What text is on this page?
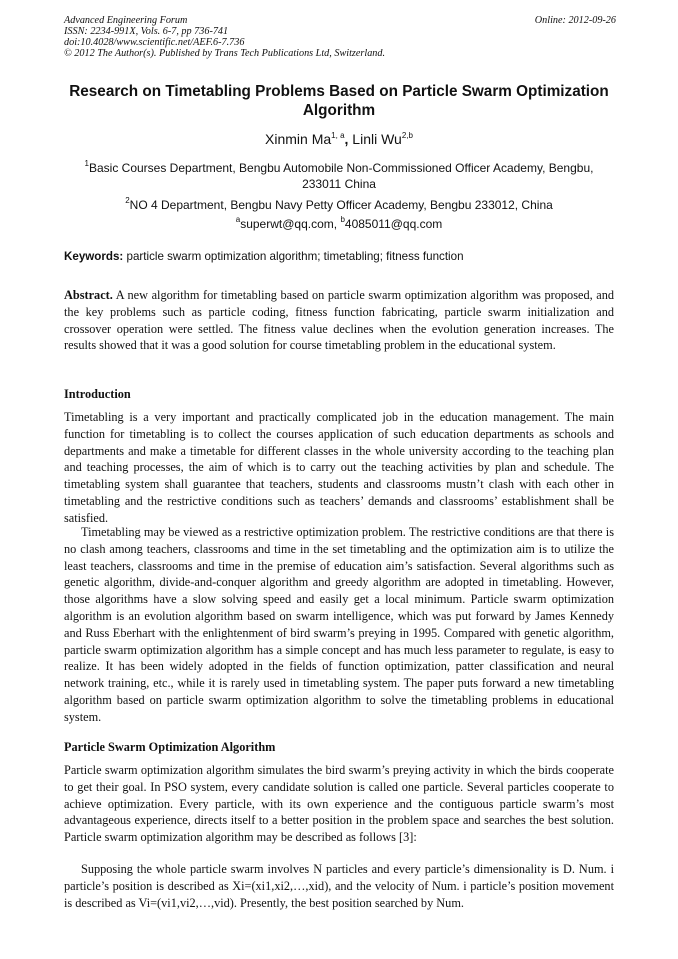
Advanced Engineering Forum
ISSN: 2234-991X, Vols. 6-7, pp 736-741
doi:10.4028/www.scientific.net/AEF.6-7.736
© 2012 The Author(s). Published by Trans Tech Publications Ltd, Switzerland.
Online: 2012-09-26
Research on Timetabling Problems Based on Particle Swarm Optimization Algorithm
Xinmin Ma$^{1, a}$, Linli Wu$^{2,b}$
$^1$Basic Courses Department, Bengbu Automobile Non-Commissioned Officer Academy, Bengbu, 233011 China
$^2$NO 4 Department, Bengbu Navy Petty Officer Academy, Bengbu 233012, China
$^a$superwt@qq.com, $^b$4085011@qq.com
Keywords: particle swarm optimization algorithm; timetabling; fitness function

Abstract. A new algorithm for timetabling based on particle swarm optimization algorithm was proposed, and the key problems such as particle coding, fitness function fabricating, particle swarm initialization and crossover operation were settled. The fitness value declines when the evolution generation increases. The results showed that it was a good solution for course timetabling problem in the educational system.

Introduction

Timetabling is a very important and practically complicated job in the education management. The main function for timetabling is to collect the courses application of such education departments as schools and departments and make a timetable for different classes in the whole university according to the teaching plan and teaching processes, the aim of which is to carry out the teaching activities by plan and schedule. The timetabling system shall guarantee that teachers, students and classrooms mustn’t clash with each other in timetabling and the restrictive conditions such as teachers’ demands and classrooms’ establishment shall be satisfied.

Timetabling may be viewed as a restrictive optimization problem. The restrictive conditions are that there is no clash among teachers, classrooms and time in the set timetabling and the optimization aim is to utilize the least teachers, classrooms and time in the premise of education aim’s satisfaction. Several algorithms such as genetic algorithm, divide-and-conquer algorithm and greedy algorithm are adopted in timetabling. However, those algorithms have a slow solving speed and easily get a local minimum. Particle swarm optimization algorithm is an evolution algorithm based on swarm intelligence, which was put forward by James Kennedy and Russ Eberhart with the enlightenment of bird swarm’s preying in 1995. Compared with genetic algorithm, particle swarm optimization algorithm has a simple concept and has much less parameter to regulate, is easy to realize. It has been widely adopted in the fields of function optimization, patter classification and neural network training, etc., while it is rarely used in timetabling system. The paper puts forward a new timetabling algorithm based on particle swarm optimization algorithm to solve the timetabling problems in educational system.

Particle Swarm Optimization Algorithm

Particle swarm optimization algorithm simulates the bird swarm’s preying activity in which the birds cooperate to get their goal. In PSO system, every candidate solution is called one particle. Several particles cooperate to achieve optimization. Every particle, with its own experience and the contiguous particle swarm’s most advantageous experience, directs itself to a better position in the problem space and searches the best solution. Particle swarm optimization algorithm may be described as follows [3]:

Supposing the whole particle swarm involves N particles and every particle’s dimensionality is D. Num. i particle’s position is described as Xi=(xi1,xi2,…,xid), and the velocity of Num. i particle’s position movement is described as Vi=(vi1,vi2,…,vid). Presently, the best position searched by Num.
